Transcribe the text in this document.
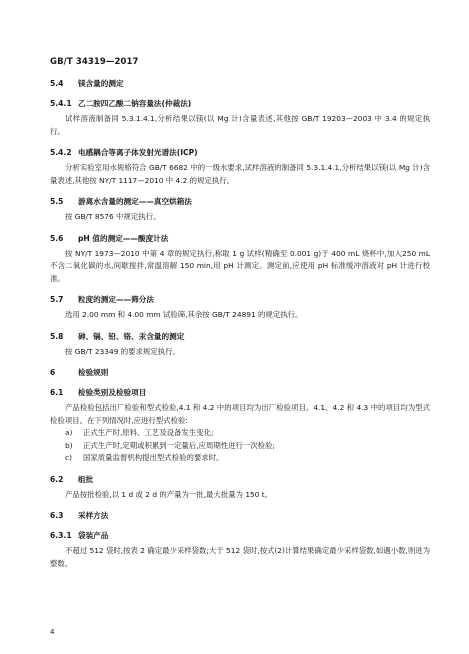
GB/T 34319—2017
5.4 镁含量的测定
5.4.1 乙二胺四乙酸二钠容量法(仲裁法)

试样溶液制备同 5.3.1.4.1,分析结果以镁(以 Mg 计)含量表述,其他按 GB/T 19203—2003 中 3.4 的规定执行。

5.4.2 电感耦合等离子体发射光谱法(ICP)

分析实验室用水规格符合 GB/T 6682 中的一级水要求,试样溶液的制备同 5.3.1.4.1,分析结果以镁(以 Mg 计)含量表述,其他按 NY/T 1117—2010 中 4.2 的规定执行。

5.5 游离水含量的测定——真空烘箱法

按 GB/T 8576 中规定执行。

5.6 pH 值的测定——酸度计法

按 NY/T 1973—2010 中第 4 章的规定执行,称取 1 g 试样(精确至 0.001 g)于 400 mL 烧杯中,加入250 mL 不含二氧化碳的水,间歇搅拌,常温溶解 150 min,用 pH 计测定。测定前,应使用 pH 标准缓冲溶液对 pH 计进行校准。

5.7 粒度的测定——筛分法

选用 2.00 mm 和 4.00 mm 试验筛,其余按 GB/T 24891 的规定执行。

5.8 砷、镉、铅、铬、汞含量的测定

按 GB/T 23349 的要求规定执行。

6	检验规则
6.1 检验类别及检验项目

产品检验包括出厂检验和型式检验,4.1 和 4.2 中的项目均为出厂检验项目。4.1、4.2 和 4.3 中的项目均为型式检验项目。在下列情况时,应进行型式检验:

a) 正式生产时,原料、工艺及设备发生变化;
b) 正式生产时,定期或积累到一定量后,应周期性进行一次检验;
c) 国家质量监督机构提出型式检验的要求时。
6.2 组批

产品按批检验,以 1 d 或 2 d 的产量为一批,最大批量为 150 t。

6.3 采样方法
6.3.1 袋装产品

不超过 512 袋时,按表 2 确定最少采样袋数;大于 512 袋时,按式(2)计算结果确定最少采样袋数,如遇小数,则进为整数。

4
